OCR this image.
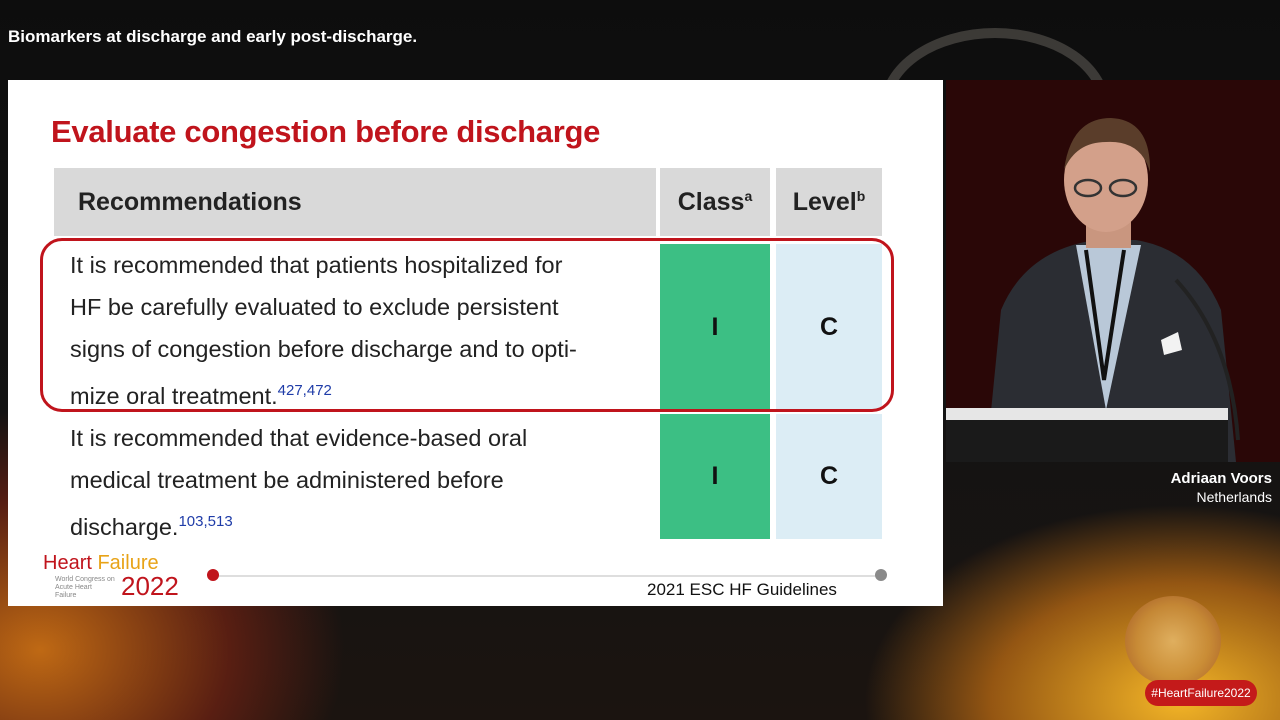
Biomarkers at discharge and early post-discharge.
Evaluate congestion before discharge
Recommendations	Class$^a$ Level$^b$
It is recommended that patients hospitalized for
HF be carefully evaluated to exclude persistent
signs of congestion before discharge and to opti-
mize oral treatment.$^{427,472}$
I	C
It is recommended that evidence-based oral
medical treatment be administered before
discharge.$^{103,513}$
I	C
Heart Failure
World Congress on Acute Heart Failure	2022	2021 ESC HF Guidelines
Adriaan Voors
Netherlands
#HeartFailure2022
